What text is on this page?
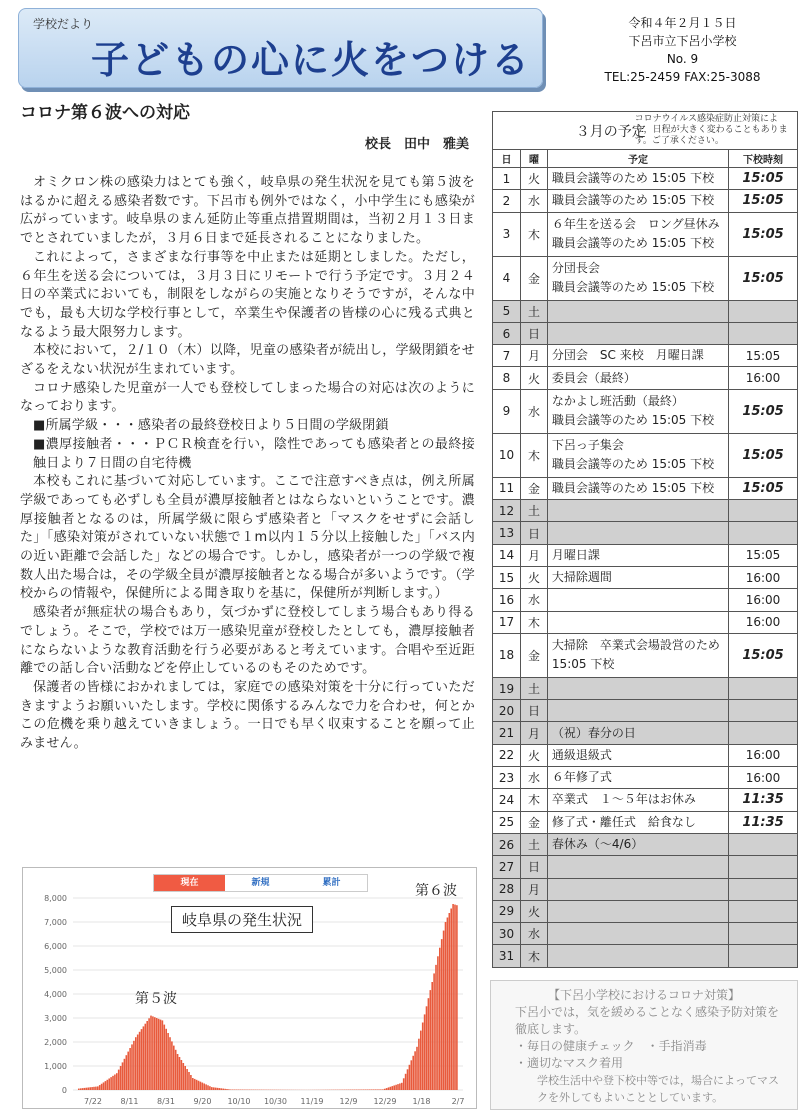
学校だより
子どもの心に火をつける
令和４年２月１５日
下呂市立下呂小学校
No. 9
TEL:25-2459 FAX:25-3088
コロナ第６波への対応
校長　田中　雅美

オミクロン株の感染力はとても強く，岐阜県の発生状況を見ても第５波をはるかに超える感染者数です。下呂市も例外ではなく，小中学生にも感染が広がっています。岐阜県のまん延防止等重点措置期間は，当初２月１３日までとされていましたが，３月６日まで延長されることになりました。

これによって，さまざまな行事等を中止または延期としました。ただし，６年生を送る会については，３月３日にリモートで行う予定です。３月２４日の卒業式においても，制限をしながらの実施となりそうですが，そんな中でも，最も大切な学校行事として，卒業生や保護者の皆様の心に残る式典となるよう最大限努力します。

本校において，２/１０（木）以降，児童の感染者が続出し，学級閉鎖をせざるをえない状況が生まれています。

コロナ感染した児童が一人でも登校してしまった場合の対応は次のようになっております。

■所属学級・・・感染者の最終登校日より５日間の学級閉鎖

■濃厚接触者・・・ＰＣＲ検査を行い，陰性であっても感染者との最終接触日より７日間の自宅待機

本校もこれに基づいて対応しています。ここで注意すべき点は，例え所属学級であっても必ずしも全員が濃厚接触者とはならないということです。濃厚接触者となるのは，所属学級に限らず感染者と「マスクをせずに会話した」「感染対策がされていない状態で１m以内１５分以上接触した」「バス内の近い距離で会話した」などの場合です。しかし，感染者が一つの学級で複数人出た場合は，その学級全員が濃厚接触者となる場合が多いようです。（学校からの情報や，保健所による聞き取りを基に，保健所が判断します。）

感染者が無症状の場合もあり，気づかずに登校してしまう場合もあり得るでしょう。そこで，学校では万一感染児童が登校したとしても，濃厚接触者にならないような教育活動を行う必要があると考えています。合唱や至近距離での話し合い活動などを停止しているのもそのためです。

保護者の皆様におかれましては，家庭での感染対策を十分に行っていただきますようお願いいたします。学校に関係するみんなで力を合わせ，何とかこの危機を乗り越えていきましょう。一日でも早く収束することを願って止みません。

0
1,000
2,000
3,000
4,000
5,000
6,000
7,000
8,000
7/22 8/11 8/31 9/20 10/10 10/30 11/19 12/9 12/29 1/18	2/7
現在	新規	累計
岐阜県の発生状況
第５波
第６波
３月の予定			コロナウイルス感染症防止対策により，日程が大きく変わることもあります。ご了承ください。

日	曜	予定	下校時刻
1	火	職員会議等のため 15:05 下校	15:05
2	水	職員会議等のため 15:05 下校	15:05
3	木	６年生を送る会　ロング昼休み
職員会議等のため 15:05 下校	15:05
4	金	分団長会
職員会議等のため 15:05 下校	15:05
5	土	

6	日	

7	月	分団会　SC 来校　月曜日課	15:05
8	火	委員会（最終）	16:00
9	水	なかよし班活動（最終）
職員会議等のため 15:05 下校	15:05
10	木	下呂っ子集会
職員会議等のため 15:05 下校	15:05
11	金	職員会議等のため 15:05 下校	15:05
12	土	

13	日	

14	月	月曜日課	15:05
15	火	大掃除週間	16:00
16	水		16:00
17	木		16:00
18	金	大掃除　卒業式会場設営のため
15:05 下校	15:05
19	土	

20	日	

21	月	（祝）春分の日	

22	火	通級退級式	16:00
23	水	６年修了式	16:00
24	木	卒業式　１～５年はお休み	11:35
25	金	修了式・離任式　給食なし	11:35
26	土	春休み（～4/6）	

27	日	

28	月	

29	火	

30	水	

31	木	

【下呂小学校におけるコロナ対策】
下呂小では，気を緩めることなく感染予防対策を徹底します。
・毎日の健康チェック　・手指消毒
・適切なマスク着用
学校生活中や登下校中等では，場合によってマスクを外してもよいこととしています。
